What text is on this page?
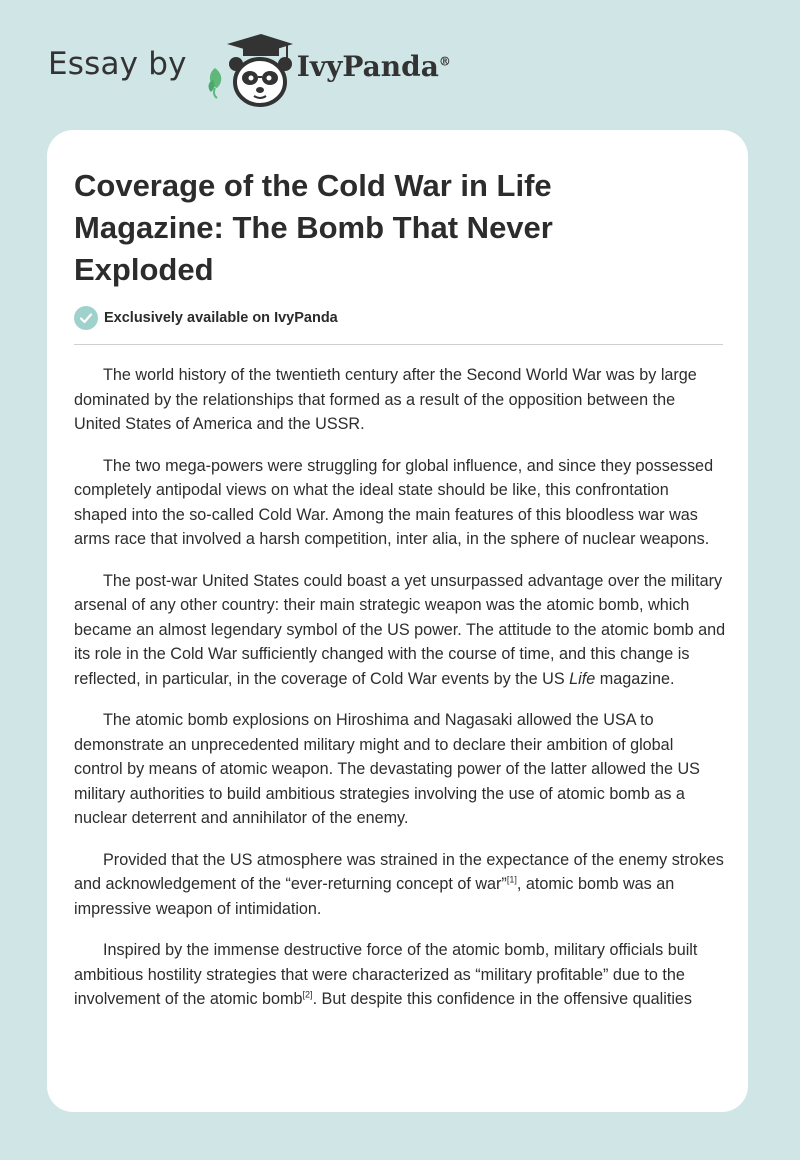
Essay by	IvyPanda®
Coverage of the Cold War in Life Magazine: The Bomb That Never Exploded
Exclusively available on IvyPanda

The world history of the twentieth century after the Second World War was by large dominated by the relationships that formed as a result of the opposition between the United States of America and the USSR.

The two mega-powers were struggling for global influence, and since they possessed completely antipodal views on what the ideal state should be like, this confrontation shaped into the so-called Cold War. Among the main features of this bloodless war was arms race that involved a harsh competition, inter alia, in the sphere of nuclear weapons.

The post-war United States could boast a yet unsurpassed advantage over the military arsenal of any other country: their main strategic weapon was the atomic bomb, which became an almost legendary symbol of the US power. The attitude to the atomic bomb and its role in the Cold War sufficiently changed with the course of time, and this change is reflected, in particular, in the coverage of Cold War events by the US Life magazine.

The atomic bomb explosions on Hiroshima and Nagasaki allowed the USA to demonstrate an unprecedented military might and to declare their ambition of global control by means of atomic weapon. The devastating power of the latter allowed the US military authorities to build ambitious strategies involving the use of atomic bomb as a nuclear deterrent and annihilator of the enemy.

Provided that the US atmosphere was strained in the expectance of the enemy strokes and acknowledgement of the “ever-returning concept of war”[1], atomic bomb was an impressive weapon of intimidation.

Inspired by the immense destructive force of the atomic bomb, military officials built ambitious hostility strategies that were characterized as “military profitable” due to the involvement of the atomic bomb[2]. But despite this confidence in the offensive qualities
